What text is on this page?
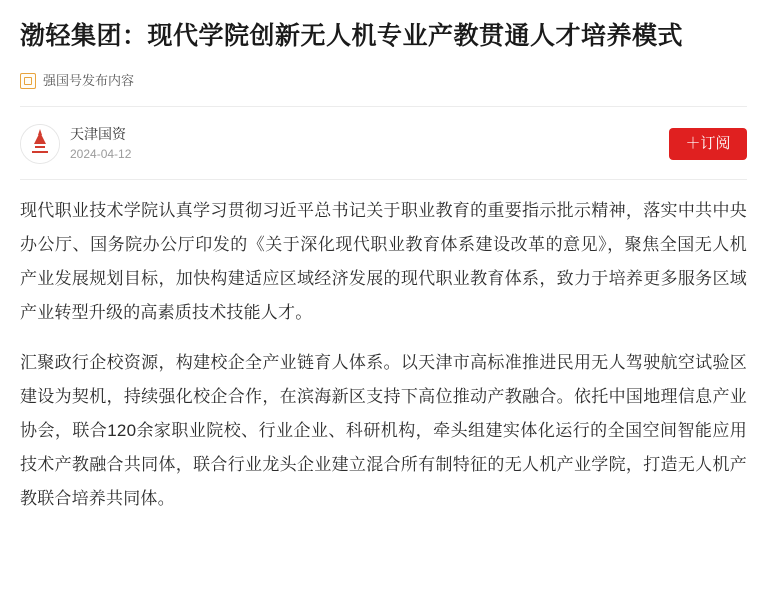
渤轻集团：现代学院创新无人机专业产教贯通人才培养模式
强国号发布内容
天津国资
2024-04-12
＋订阅

现代职业技术学院认真学习贯彻习近平总书记关于职业教育的重要指示批示精神，落实中共中央办公厅、国务院办公厅印发的《关于深化现代职业教育体系建设改革的意见》，聚焦全国无人机产业发展规划目标，加快构建适应区域经济发展的现代职业教育体系，致力于培养更多服务区域产业转型升级的高素质技术技能人才。

汇聚政行企校资源，构建校企全产业链育人体系。以天津市高标准推进民用无人驾驶航空试验区建设为契机，持续强化校企合作，在滨海新区支持下高位推动产教融合。依托中国地理信息产业协会，联合120余家职业院校、行业企业、科研机构，牵头组建实体化运行的全国空间智能应用技术产教融合共同体，联合行业龙头企业建立混合所有制特征的无人机产业学院，打造无人机产教联合培养共同体。
